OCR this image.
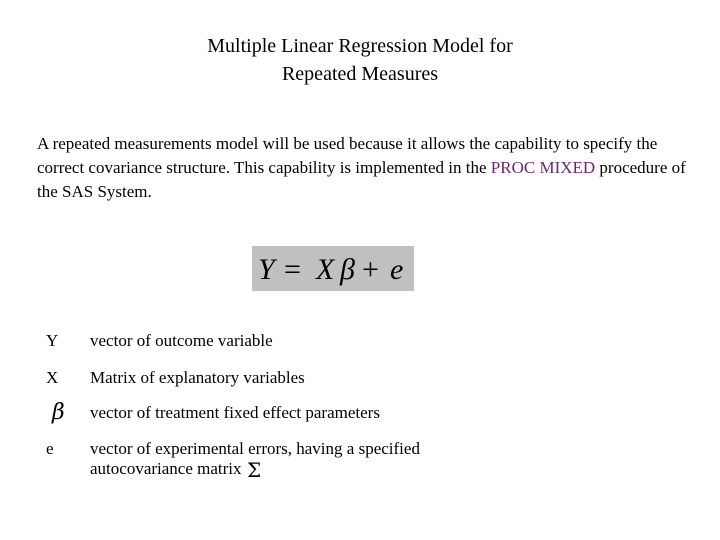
Multiple Linear Regression Model for
Repeated Measures
A repeated measurements model will be used because it allows the capability to specify the correct covariance structure. This capability is implemented in the PROC MIXED procedure of the SAS System.
Y = X β + e
Y vector of outcome variable
X Matrix of explanatory variables
β vector of treatment fixed effect parameters
e vector of experimental errors, having a specified
autocovariance matrix Σ
